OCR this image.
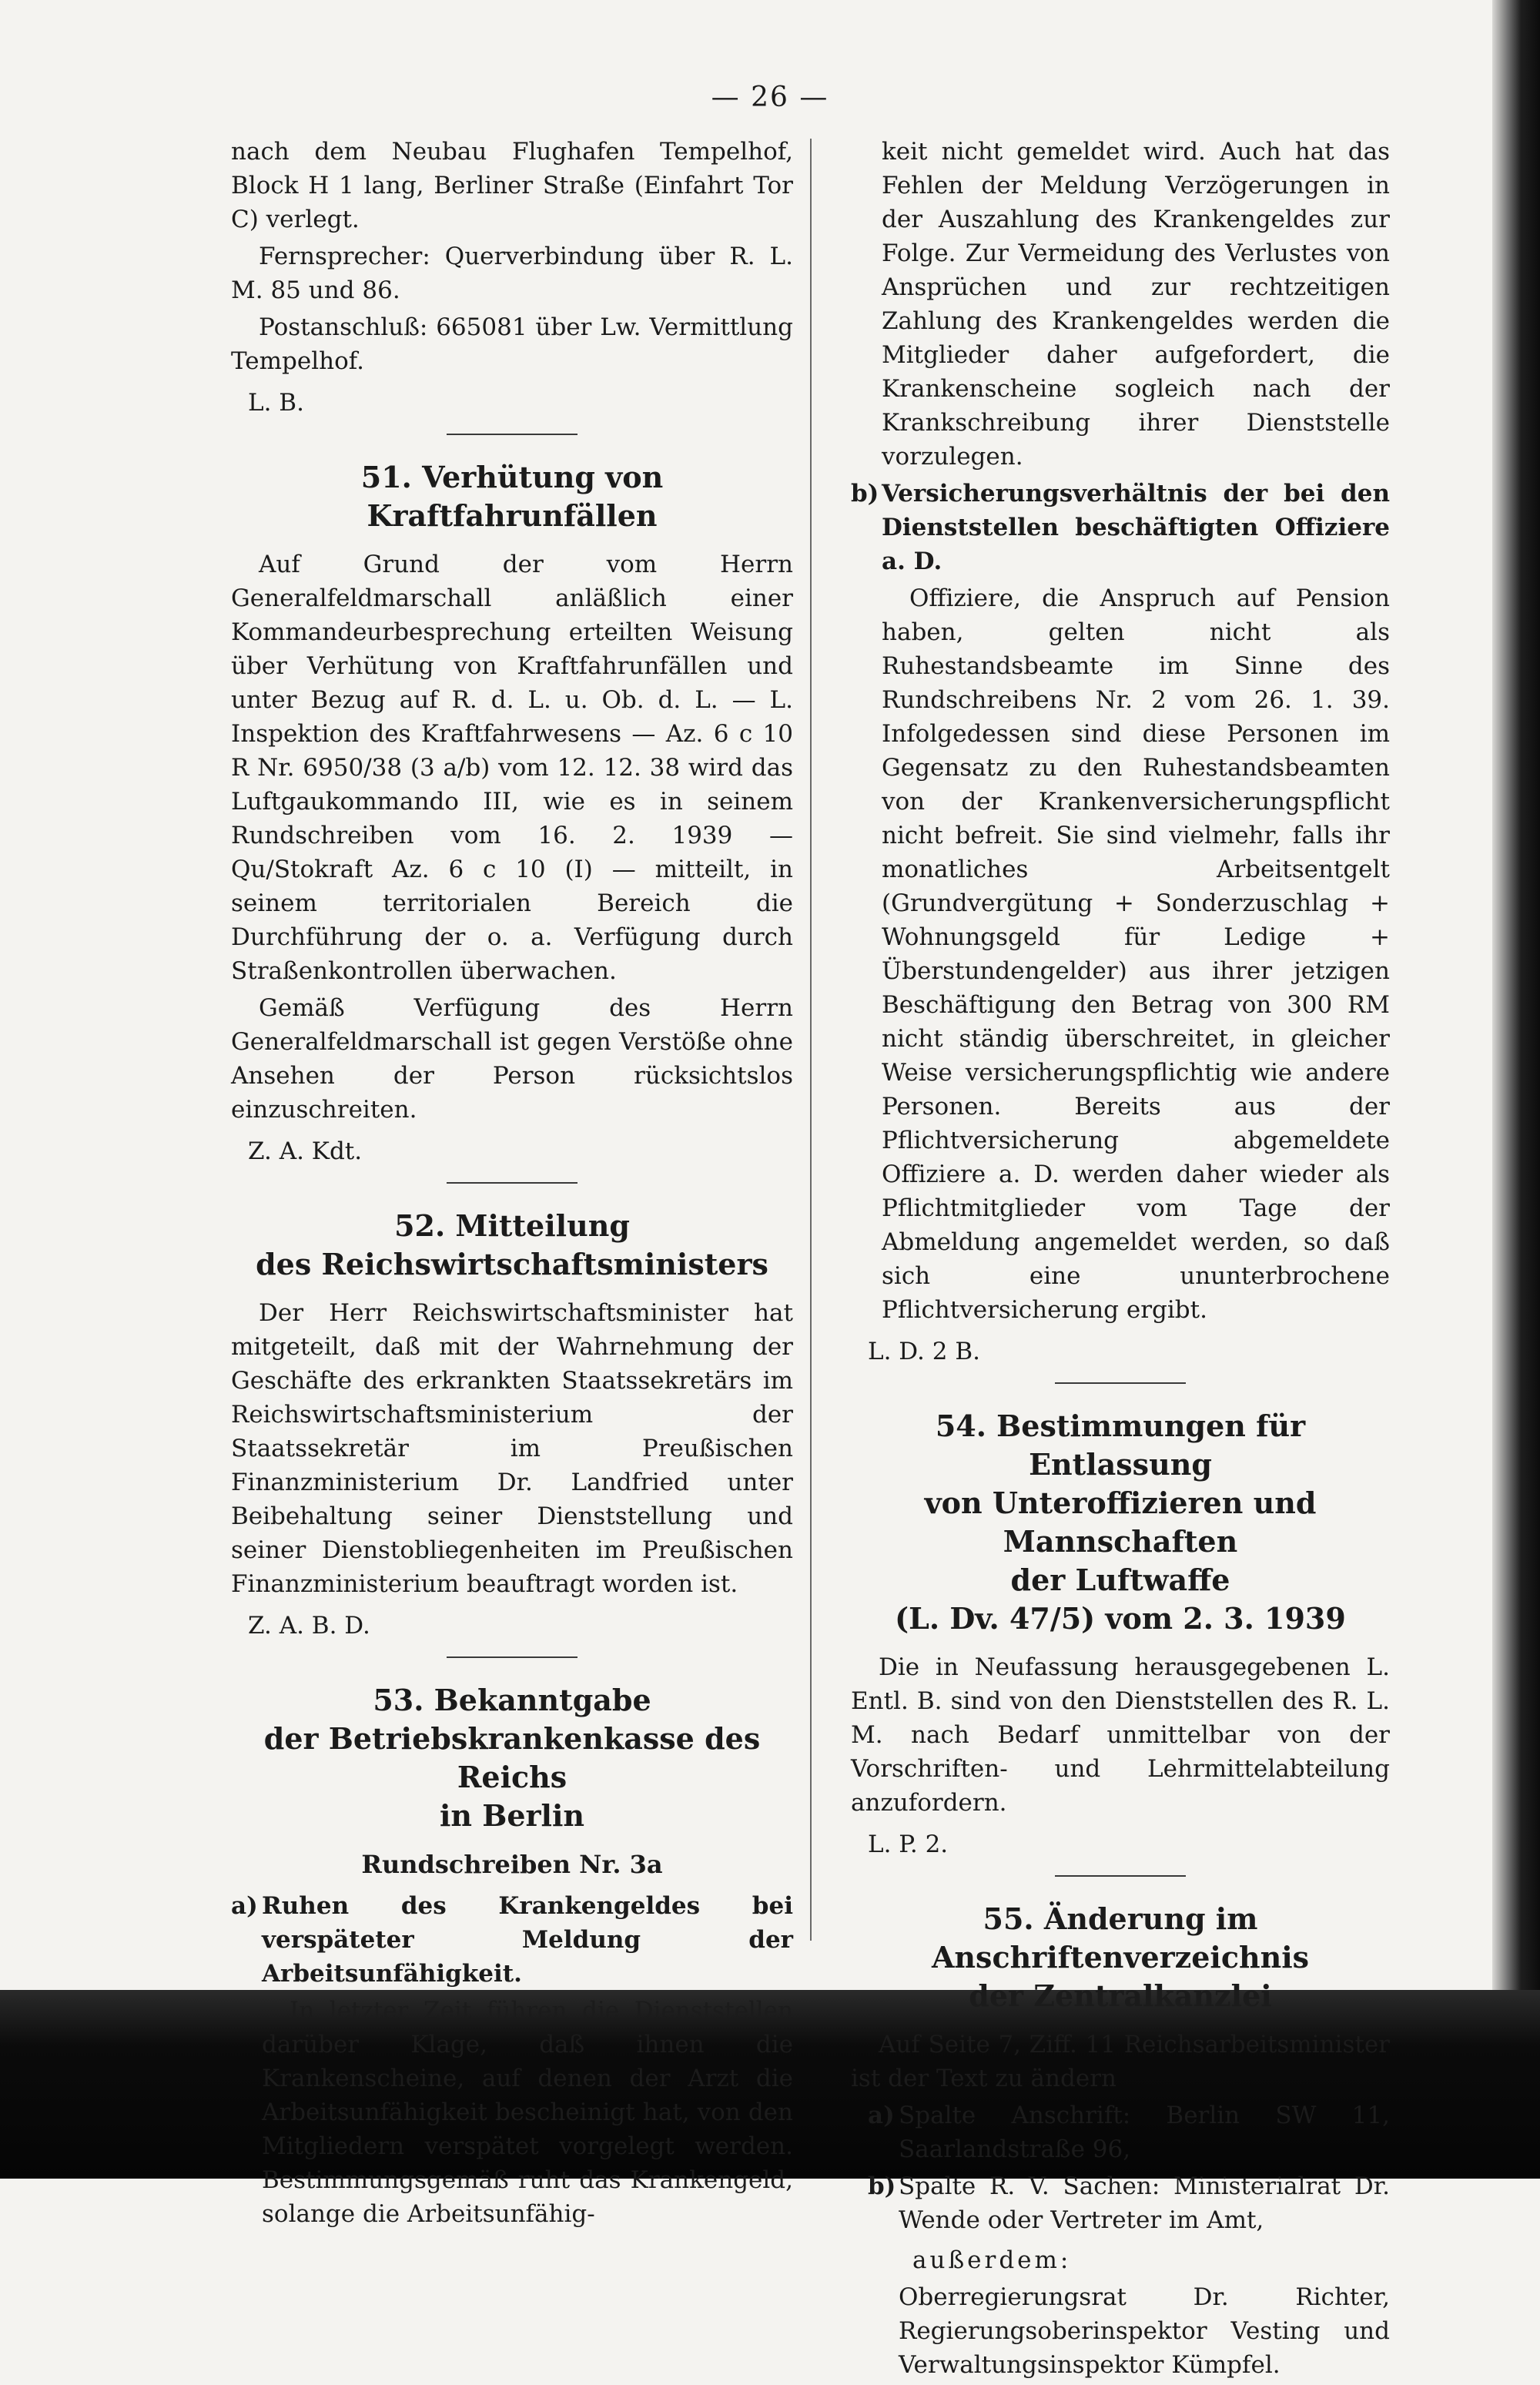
— 26 —

nach dem Neubau Flughafen Tempelhof, Block H 1 lang, Berliner Straße (Einfahrt Tor C) verlegt.

Fernsprecher: Querverbindung über R. L. M. 85 und 86.

Postanschluß: 665081 über Lw. Vermittlung Tempelhof.

L. B.

51. Verhütung von Kraftfahrunfällen

Auf Grund der vom Herrn Generalfeldmarschall anläßlich einer Kommandeurbesprechung erteilten Weisung über Verhütung von Kraftfahrunfällen und unter Bezug auf R. d. L. u. Ob. d. L. — L. Inspektion des Kraftfahrwesens — Az. 6 c 10 R Nr. 6950/38 (3 a/b) vom 12. 12. 38 wird das Luftgaukommando III, wie es in seinem Rundschreiben vom 16. 2. 1939 — Qu/Stokraft Az. 6 c 10 (I) — mitteilt, in seinem territorialen Bereich die Durchführung der o. a. Verfügung durch Straßenkontrollen überwachen.

Gemäß Verfügung des Herrn Generalfeldmarschall ist gegen Verstöße ohne Ansehen der Person rücksichtslos einzuschreiten.

Z. A. Kdt.

52. Mitteilung
des Reichswirtschaftsministers

Der Herr Reichswirtschaftsminister hat mitgeteilt, daß mit der Wahrnehmung der Geschäfte des erkrankten Staatssekretärs im Reichswirtschaftsministerium der Staatssekretär im Preußischen Finanzministerium Dr. Landfried unter Beibehaltung seiner Dienststellung und seiner Dienstobliegenheiten im Preußischen Finanzministerium beauftragt worden ist.

Z. A. B. D.

53. Bekanntgabe
der Betriebskrankenkasse des Reichs
in Berlin
Rundschreiben Nr. 3a
a) Ruhen des Krankengeldes bei verspäteter Meldung der Arbeitsunfähigkeit.

In letzter Zeit führen die Dienststellen darüber Klage, daß ihnen die Krankenscheine, auf denen der Arzt die Arbeitsunfähigkeit bescheinigt hat, von den Mitgliedern verspätet vorgelegt werden. Bestimmungsgemäß ruht das Krankengeld, solange die Arbeitsunfähig-

keit nicht gemeldet wird. Auch hat das Fehlen der Meldung Verzögerungen in der Auszahlung des Krankengeldes zur Folge. Zur Vermeidung des Verlustes von Ansprüchen und zur rechtzeitigen Zahlung des Krankengeldes werden die Mitglieder daher aufgefordert, die Krankenscheine sogleich nach der Krankschreibung ihrer Dienststelle vorzulegen.

b) Versicherungsverhältnis der bei den Dienststellen beschäftigten Offiziere a. D.

Offiziere, die Anspruch auf Pension haben, gelten nicht als Ruhestandsbeamte im Sinne des Rundschreibens Nr. 2 vom 26. 1. 39. Infolgedessen sind diese Personen im Gegensatz zu den Ruhestandsbeamten von der Krankenversicherungspflicht nicht befreit. Sie sind vielmehr, falls ihr monatliches Arbeitsentgelt (Grundvergütung + Sonderzuschlag + Wohnungsgeld für Ledige + Überstundengelder) aus ihrer jetzigen Beschäftigung den Betrag von 300 RM nicht ständig überschreitet, in gleicher Weise versicherungspflichtig wie andere Personen. Bereits aus der Pflichtversicherung abgemeldete Offiziere a. D. werden daher wieder als Pflichtmitglieder vom Tage der Abmeldung angemeldet werden, so daß sich eine ununterbrochene Pflichtversicherung ergibt.

L. D. 2 B.

54. Bestimmungen für Entlassung
von Unteroffizieren und Mannschaften
der Luftwaffe
(L. Dv. 47/5) vom 2. 3. 1939

Die in Neufassung herausgegebenen L. Entl. B. sind von den Dienststellen des R. L. M. nach Bedarf unmittelbar von der Vorschriften- und Lehrmittelabteilung anzufordern.

L. P. 2.

55. Änderung im Anschriftenverzeichnis
der Zentralkanzlei

Auf Seite 7, Ziff. 11 Reichsarbeitsminister ist der Text zu ändern

a) Spalte Anschrift: Berlin SW 11, Saarlandstraße 96,
b) Spalte R. V. Sachen: Ministerialrat Dr. Wende oder Vertreter im Amt,

außerdem:

Oberregierungsrat Dr. Richter, Regierungsoberinspektor Vesting und Verwaltungsinspektor Kümpfel.
